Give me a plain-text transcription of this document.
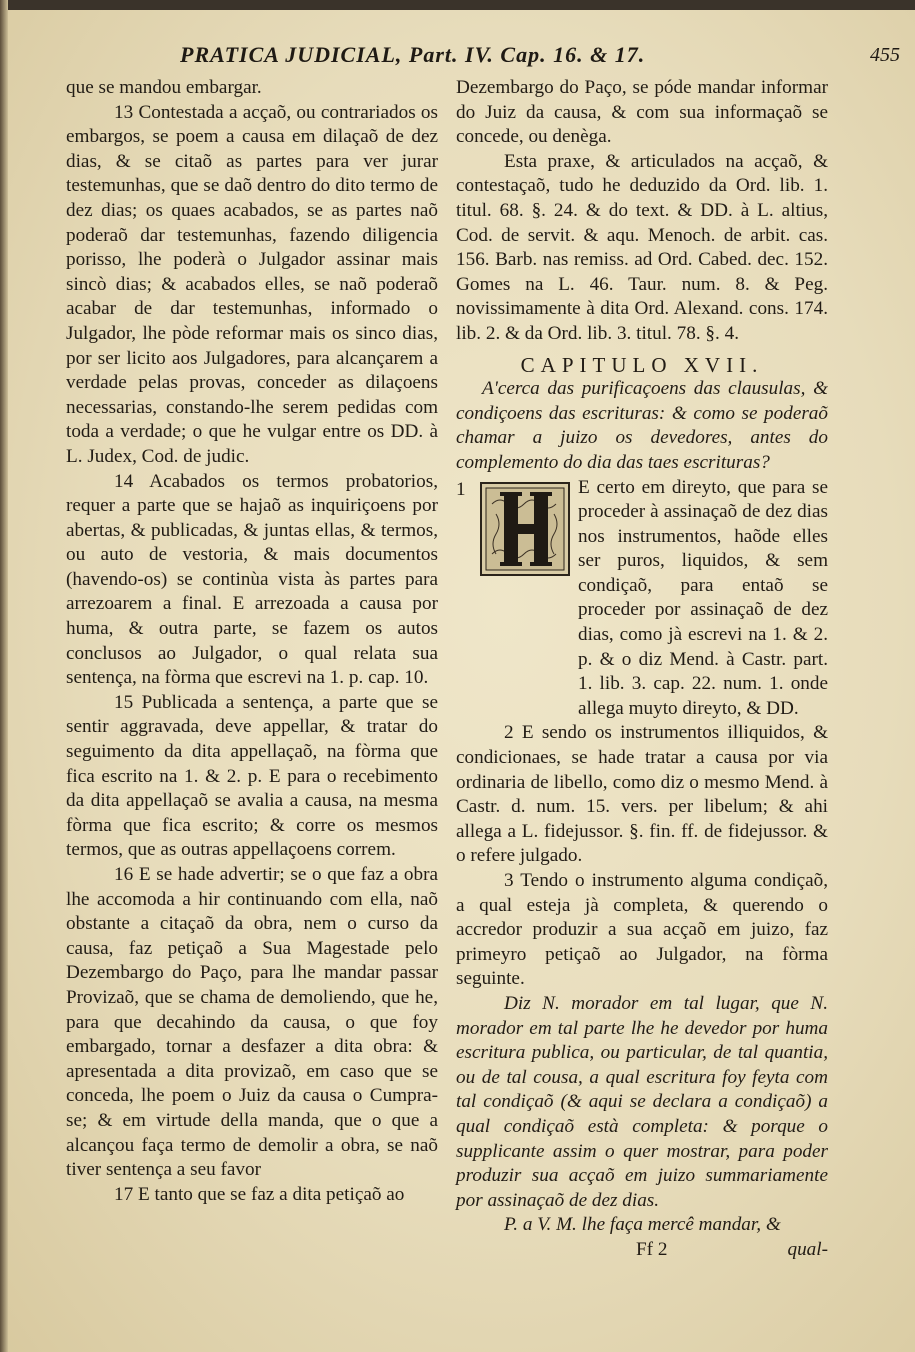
PRATICA JUDICIAL, Part. IV. Cap. 16. & 17.	455

que se mandou embargar.

13 Contestada a acçaõ, ou contrariados os embargos, se poem a causa em dilaçaõ de dez dias, & se citaõ as partes para ver jurar testemunhas, que se daõ dentro do dito termo de dez dias; os quaes acabados, se as partes naõ poderaõ dar testemunhas, fazendo diligencia porisso, lhe poderà o Julgador assinar mais sincò dias; & acabados elles, se naõ poderaõ acabar de dar testemunhas, informado o Julgador, lhe pòde reformar mais os sinco dias, por ser licito aos Julgadores, para alcançarem a verdade pelas provas, conceder as dilaçoens necessarias, constando-lhe serem pedidas com toda a verdade; o que he vulgar entre os DD. à L. Judex, Cod. de judic.

14 Acabados os termos probatorios, requer a parte que se hajaõ as inquiriçoens por abertas, & publicadas, & juntas ellas, & termos, ou auto de vestoria, & mais documentos (havendo-os) se continùa vista às partes para arrezoarem a final. E arrezoada a causa por huma, & outra parte, se fazem os autos conclusos ao Julgador, o qual relata sua sentença, na fòrma que escrevi na 1. p. cap. 10.

15 Publicada a sentença, a parte que se sentir aggravada, deve appellar, & tratar do seguimento da dita appellaçaõ, na fòrma que fica escrito na 1. & 2. p. E para o recebimento da dita appellaçaõ se avalia a causa, na mesma fòrma que fica escrito; & corre os mesmos termos, que as outras appellaçoens correm.

16 E se hade advertir; se o que faz a obra lhe accomoda a hir continuando com ella, naõ obstante a citaçaõ da obra, nem o curso da causa, faz petiçaõ a Sua Magestade pelo Dezembargo do Paço, para lhe mandar passar Provizaõ, que se chama de demoliendo, que he, para que decahindo da causa, o que foy embargado, tornar a desfazer a dita obra: & apresentada a dita provizaõ, em caso que se conceda, lhe poem o Juiz da causa o Cumpra-se; & em virtude della manda, que o que a alcançou faça termo de demolir a obra, se naõ tiver sentença a seu favor

17 E tanto que se faz a dita petiçaõ ao

Dezembargo do Paço, se póde mandar informar do Juiz da causa, & com sua informaçaõ se concede, ou denèga.

Esta praxe, & articulados na acçaõ, & contestaçaõ, tudo he deduzido da Ord. lib. 1. titul. 68. §. 24. & do text. & DD. à L. altius, Cod. de servit. & aqu. Menoch. de arbit. cas. 156. Barb. nas remiss. ad Ord. Cabed. dec. 152. Gomes na L. 46. Taur. num. 8. & Peg. novissimamente à dita Ord. Alexand. cons. 174. lib. 2. & da Ord. lib. 3. titul. 78. §. 4.

CAPITULO XVII.

A'cerca das purificaçoens das clausulas, & condiçoens das escrituras: & como se poderaõ chamar a juizo os devedores, antes do complemento do dia das taes escrituras?

1	E certo em direyto, que para se proceder à assinaçaõ de dez dias nos instrumentos, haõde elles ser puros, liquidos, & sem condiçaõ, para entaõ se proceder por assinaçaõ de dez dias, como jà escrevi na 1. & 2. p. & o diz Mend. à Castr. part. 1. lib. 3. cap. 22. num. 1. onde allega muyto direyto, & DD.

2 E sendo os instrumentos illiquidos, & condicionaes, se hade tratar a causa por via ordinaria de libello, como diz o mesmo Mend. à Castr. d. num. 15. vers. per libelum; & ahi allega a L. fidejussor. §. fin. ff. de fidejussor. & o refere julgado.

3 Tendo o instrumento alguma condiçaõ, a qual esteja jà completa, & querendo o accredor produzir a sua acçaõ em juizo, faz primeyro petiçaõ ao Julgador, na fòrma seguinte.

Diz N. morador em tal lugar, que N. morador em tal parte lhe he devedor por huma escritura publica, ou particular, de tal quantia, ou de tal cousa, a qual escritura foy feyta com tal condiçaõ (& aqui se declara a condiçaõ) a qual condiçaõ està completa: & porque o supplicante assim o quer mostrar, para poder produzir sua acçaõ em juizo summariamente por assinaçaõ de dez dias.

P. a V. M. lhe faça mercê mandar, &

Ff 2	qual-
